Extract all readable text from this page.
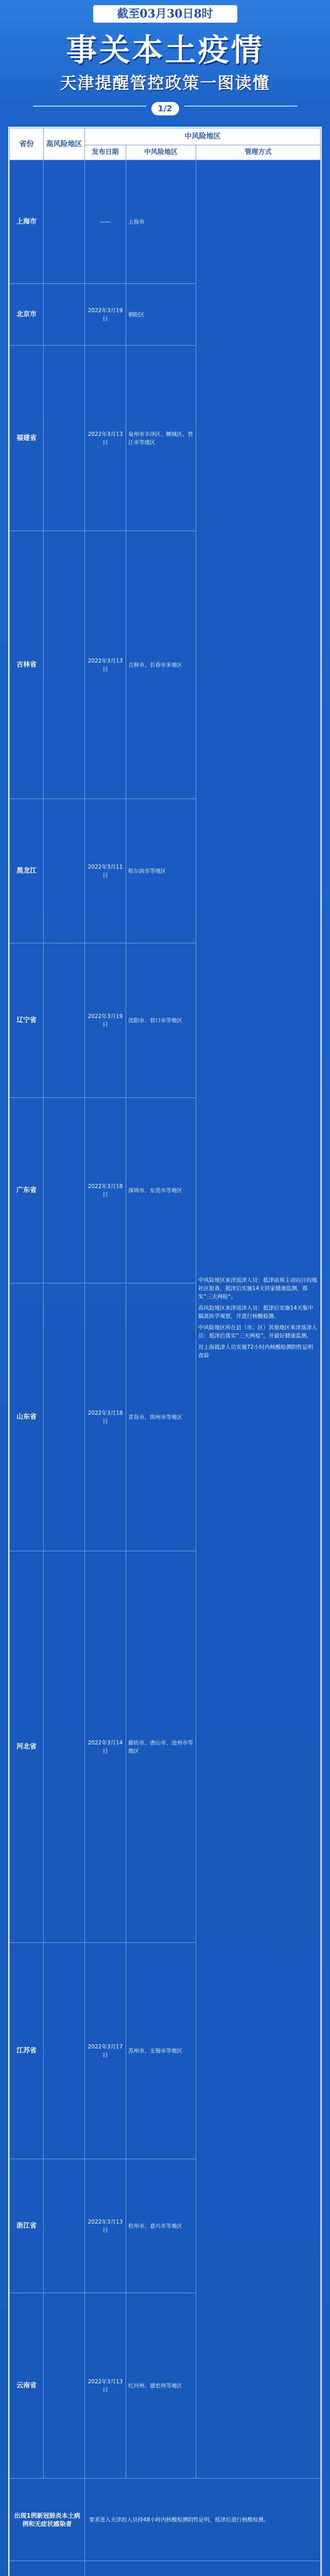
截至03月30日8时
事关本土疫情
天津提醒管控政策一图读懂
1/2
省份	高风险地区	中风险地区		
		发布日期	中风险地区	管理方式
上海市		——	上海市	中风险地区来津返津人员：抵津前须主动向目的地社区报备，抵津后实施14天居家健康监测，落实“三天两检”。

高风险地区来津返津人员：抵津后实施14天集中隔离医学观察，并进行核酸检测。

中风险地区所在县（市、区）其他地区来津返津人员：抵津后落实“三天两检”，并做好健康监测。

对上海抵津人员实施72小时内核酸检测阴性证明查验

北京市		2022年3月19日	朝阳区	
福建省		2022年3月13日	泉州市丰泽区、鲤城区、晋江市等地区	
吉林省		2022年3月13日	吉林市、长春市多地区	
黑龙江		2022年3月11日	哈尔滨市等地区	
辽宁省		2022年3月19日	沈阳市、营口市等地区	
广东省		2022年3月18日	深圳市、东莞市等地区	
山东省		2022年3月18日	青岛市、滨州市等地区	
河北省		2022年3月14日	廊坊市、唐山市、沧州市等地区	
江苏省		2022年3月17日	苏州市、无锡市等地区	
浙江省		2022年3月13日	杭州市、嘉兴市等地区	
云南省		2022年3月13日	红河州、德宏州等地区	
出现1例新冠肺炎本土病例和无症状感染者		要求进入天津的人员持48小时内核酸检测阴性证明，抵津后进行核酸检测。		
